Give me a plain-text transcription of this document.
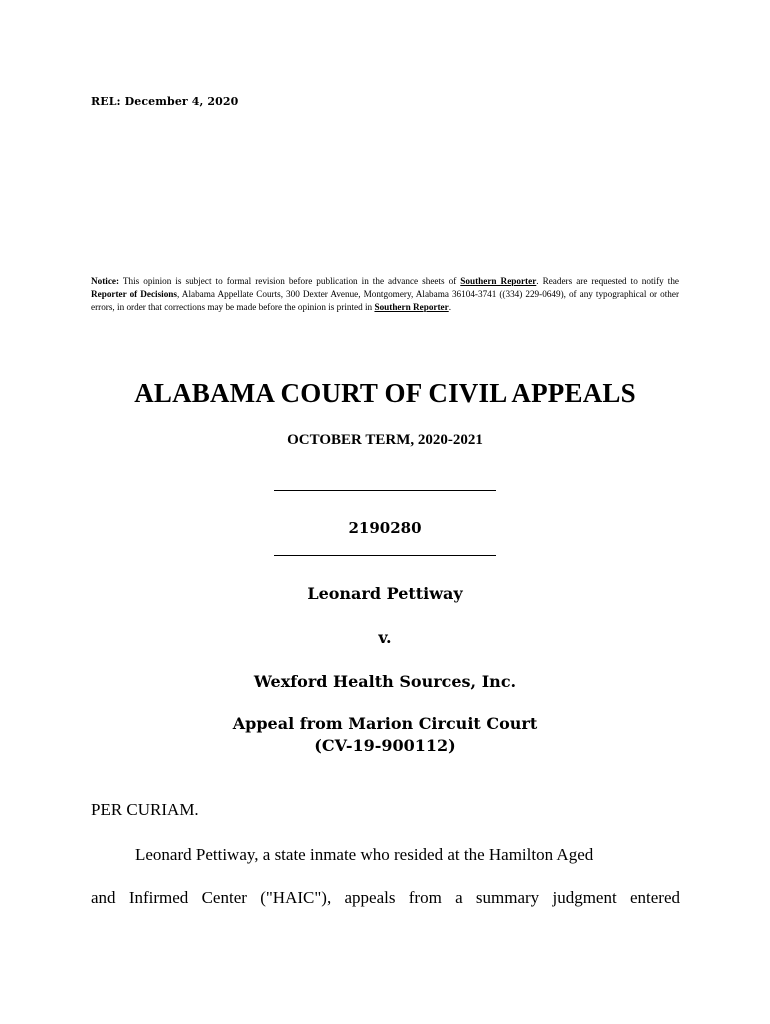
REL: December 4, 2020
Notice: This opinion is subject to formal revision before publication in the advance sheets of Southern Reporter. Readers are requested to notify the Reporter of Decisions, Alabama Appellate Courts, 300 Dexter Avenue, Montgomery, Alabama 36104-3741 ((334) 229-0649), of any typographical or other errors, in order that corrections may be made before the opinion is printed in Southern Reporter.
ALABAMA COURT OF CIVIL APPEALS
OCTOBER TERM, 2020-2021
2190280
Leonard Pettiway
v.
Wexford Health Sources, Inc.
Appeal from Marion Circuit Court
(CV-19-900112)
PER CURIAM.
Leonard Pettiway, a state inmate who resided at the Hamilton Aged
and Infirmed Center ("HAIC"), appeals from a summary judgment entered
